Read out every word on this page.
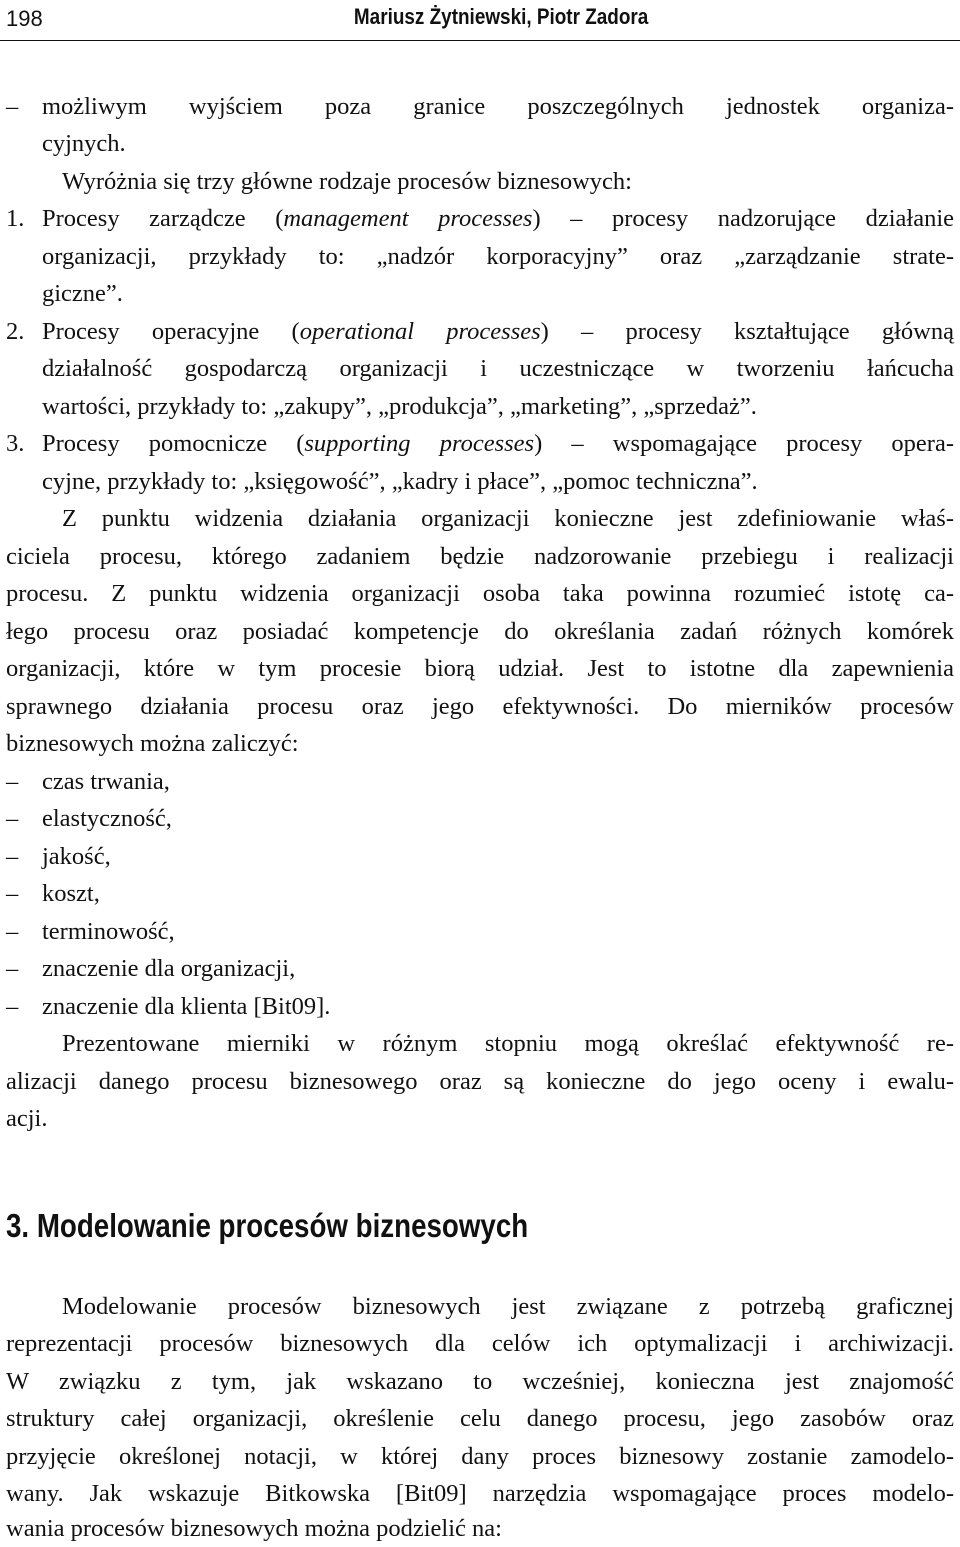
198	Mariusz Żytniewski, Piotr Zadora
– możliwym wyjściem poza granice poszczególnych jednostek organiza-
cyjnych.
Wyróżnia się trzy główne rodzaje procesów biznesowych:
1. Procesy zarządcze (management processes) – procesy nadzorujące działanie
organizacji, przykłady to: „nadzór korporacyjny” oraz „zarządzanie strate-
giczne”.
2. Procesy operacyjne (operational processes) – procesy kształtujące główną
działalność gospodarczą organizacji i uczestniczące w tworzeniu łańcucha
wartości, przykłady to: „zakupy”, „produkcja”, „marketing”, „sprzedaż”.
3. Procesy pomocnicze (supporting processes) – wspomagające procesy opera-
cyjne, przykłady to: „księgowość”, „kadry i płace”, „pomoc techniczna”.
Z punktu widzenia działania organizacji konieczne jest zdefiniowanie właś-
ciciela procesu, którego zadaniem będzie nadzorowanie przebiegu i realizacji
procesu. Z punktu widzenia organizacji osoba taka powinna rozumieć istotę ca-
łego procesu oraz posiadać kompetencje do określania zadań różnych komórek
organizacji, które w tym procesie biorą udział. Jest to istotne dla zapewnienia
sprawnego działania procesu oraz jego efektywności. Do mierników procesów
biznesowych można zaliczyć:
– czas trwania,
– elastyczność,
– jakość,
– koszt,
– terminowość,
– znaczenie dla organizacji,
– znaczenie dla klienta [Bit09].
Prezentowane mierniki w różnym stopniu mogą określać efektywność re-
alizacji danego procesu biznesowego oraz są konieczne do jego oceny i ewalu-
acji.
3. Modelowanie procesów biznesowych
Modelowanie procesów biznesowych jest związane z potrzebą graficznej
reprezentacji procesów biznesowych dla celów ich optymalizacji i archiwizacji.
W związku z tym, jak wskazano to wcześniej, konieczna jest znajomość
struktury całej organizacji, określenie celu danego procesu, jego zasobów oraz
przyjęcie określonej notacji, w której dany proces biznesowy zostanie zamodelo-
wany. Jak wskazuje Bitkowska [Bit09] narzędzia wspomagające proces modelo-
wania procesów biznesowych można podzielić na:
